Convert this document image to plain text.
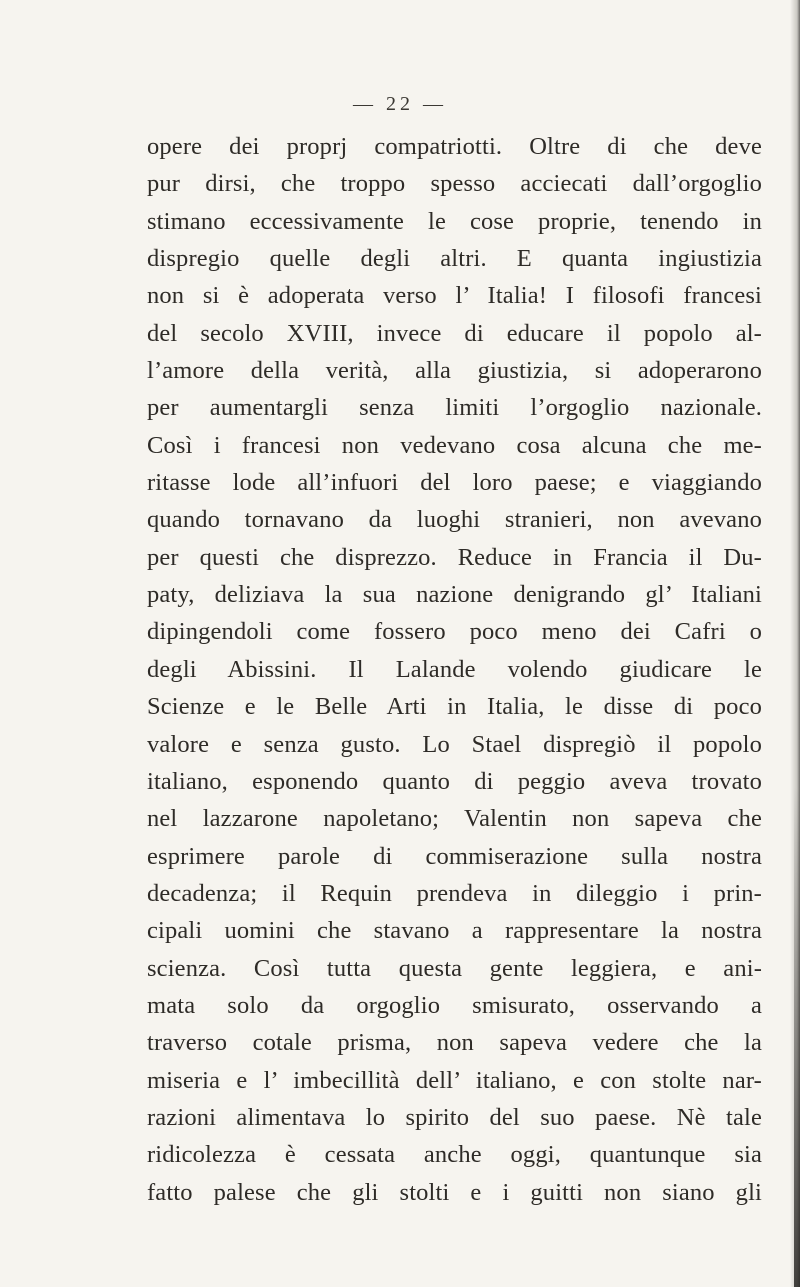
— 22 —
opere dei proprj compatriotti. Oltre di che deve
pur dirsi, che troppo spesso acciecati dall’orgoglio
stimano eccessivamente le cose proprie, tenendo in
dispregio quelle degli altri. E quanta ingiustizia
non si è adoperata verso l’ Italia! I filosofi francesi
del secolo XVIII, invece di educare il popolo al-
l’amore della verità, alla giustizia, si adoperarono
per aumentargli senza limiti l’orgoglio nazionale.
Così i francesi non vedevano cosa alcuna che me-
ritasse lode all’infuori del loro paese; e viaggiando
quando tornavano da luoghi stranieri, non avevano
per questi che disprezzo. Reduce in Francia il Du-
paty, deliziava la sua nazione denigrando gl’ Italiani
dipingendoli come fossero poco meno dei Cafri o
degli Abissini. Il Lalande volendo giudicare le
Scienze e le Belle Arti in Italia, le disse di poco
valore e senza gusto. Lo Stael dispregiò il popolo
italiano, esponendo quanto di peggio aveva trovato
nel lazzarone napoletano; Valentin non sapeva che
esprimere parole di commiserazione sulla nostra
decadenza; il Requin prendeva in dileggio i prin-
cipali uomini che stavano a rappresentare la nostra
scienza. Così tutta questa gente leggiera, e ani-
mata solo da orgoglio smisurato, osservando a
traverso cotale prisma, non sapeva vedere che la
miseria e l’ imbecillità dell’ italiano, e con stolte nar-
razioni alimentava lo spirito del suo paese. Nè tale
ridicolezza è cessata anche oggi, quantunque sia
fatto palese che gli stolti e i guitti non siano gli
